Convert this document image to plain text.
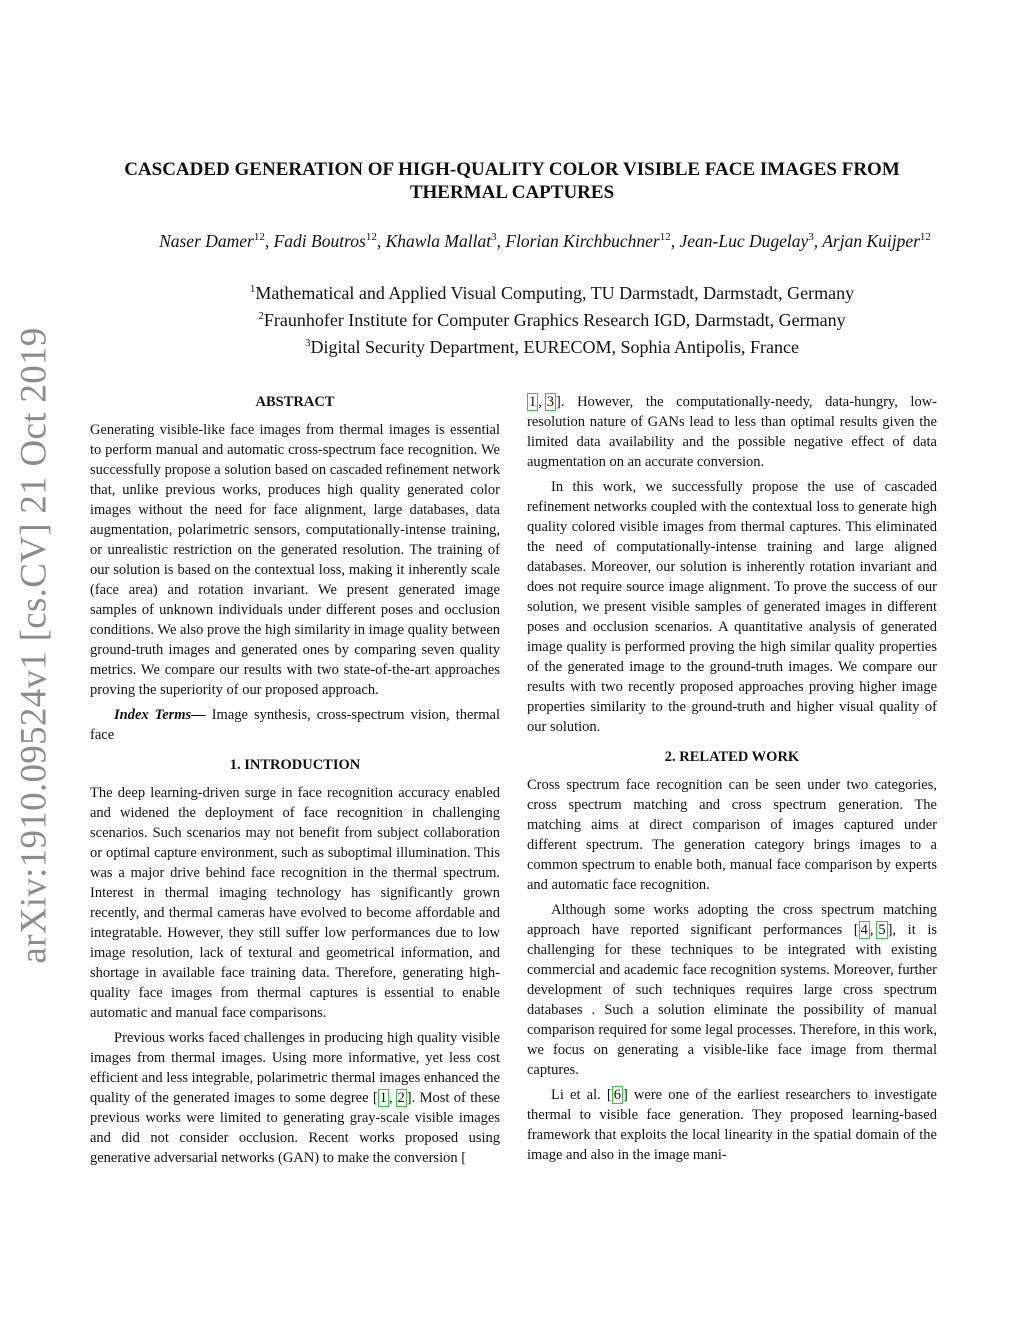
arXiv:1910.09524v1 [cs.CV] 21 Oct 2019
CASCADED GENERATION OF HIGH-QUALITY COLOR VISIBLE FACE IMAGES FROM
THERMAL CAPTURES

Naser Damer$^{12}$, Fadi Boutros$^{12}$, Khawla Mallat$^3$, Florian Kirchbuchner$^{12}$, Jean-Luc Dugelay$^3$, Arjan Kuijper$^{12}$

$^1$Mathematical and Applied Visual Computing, TU Darmstadt, Darmstadt, Germany
$^2$Fraunhofer Institute for Computer Graphics Research IGD, Darmstadt, Germany
$^3$Digital Security Department, EURECOM, Sophia Antipolis, France
ABSTRACT

Generating visible-like face images from thermal images is essential to perform manual and automatic cross-spectrum face recognition. We successfully propose a solution based on cascaded refinement network that, unlike previous works, produces high quality generated color images without the need for face alignment, large databases, data augmentation, polarimetric sensors, computationally-intense training, or unrealistic restriction on the generated resolution. The training of our solution is based on the contextual loss, making it inherently scale (face area) and rotation invariant. We present generated image samples of unknown individuals under different poses and occlusion conditions. We also prove the high similarity in image quality between ground-truth images and generated ones by comparing seven quality metrics. We compare our results with two state-of-the-art approaches proving the superiority of our proposed approach.

Index Terms— Image synthesis, cross-spectrum vision, thermal face

1. INTRODUCTION

The deep learning-driven surge in face recognition accuracy enabled and widened the deployment of face recognition in challenging scenarios. Such scenarios may not benefit from subject collaboration or optimal capture environment, such as suboptimal illumination. This was a major drive behind face recognition in the thermal spectrum. Interest in thermal imaging technology has significantly grown recently, and thermal cameras have evolved to become affordable and integratable. However, they still suffer low performances due to low image resolution, lack of textural and geometrical information, and shortage in available face training data. Therefore, generating high-quality face images from thermal captures is essential to enable automatic and manual face comparisons.

Previous works faced challenges in producing high quality visible images from thermal images. Using more informative, yet less cost efficient and less integrable, polarimetric thermal images enhanced the quality of the generated images to some degree [ 1 , 2 ]. Most of these previous works were limited to generating gray-scale visible images and did not consider occlusion. Recent works proposed using generative adversarial networks (GAN) to make the conversion [

1 , 3 ]. However, the computationally-needy, data-hungry, low-resolution nature of GANs lead to less than optimal results given the limited data availability and the possible negative effect of data augmentation on an accurate conversion.

In this work, we successfully propose the use of cascaded refinement networks coupled with the contextual loss to generate high quality colored visible images from thermal captures. This eliminated the need of computationally-intense training and large aligned databases. Moreover, our solution is inherently rotation invariant and does not require source image alignment. To prove the success of our solution, we present visible samples of generated images in different poses and occlusion scenarios. A quantitative analysis of generated image quality is performed proving the high similar quality properties of the generated image to the ground-truth images. We compare our results with two recently proposed approaches proving higher image properties similarity to the ground-truth and higher visual quality of our solution.

2. RELATED WORK

Cross spectrum face recognition can be seen under two categories, cross spectrum matching and cross spectrum generation. The matching aims at direct comparison of images captured under different spectrum. The generation category brings images to a common spectrum to enable both, manual face comparison by experts and automatic face recognition.

Although some works adopting the cross spectrum matching approach have reported significant performances [ 4 , 5 ], it is challenging for these techniques to be integrated with existing commercial and academic face recognition systems. Moreover, further development of such techniques requires large cross spectrum databases . Such a solution eliminate the possibility of manual comparison required for some legal processes. Therefore, in this work, we focus on generating a visible-like face image from thermal captures.

Li et al. [ 6 ] were one of the earliest researchers to investigate thermal to visible face generation. They proposed learning-based framework that exploits the local linearity in the spatial domain of the image and also in the image mani-
